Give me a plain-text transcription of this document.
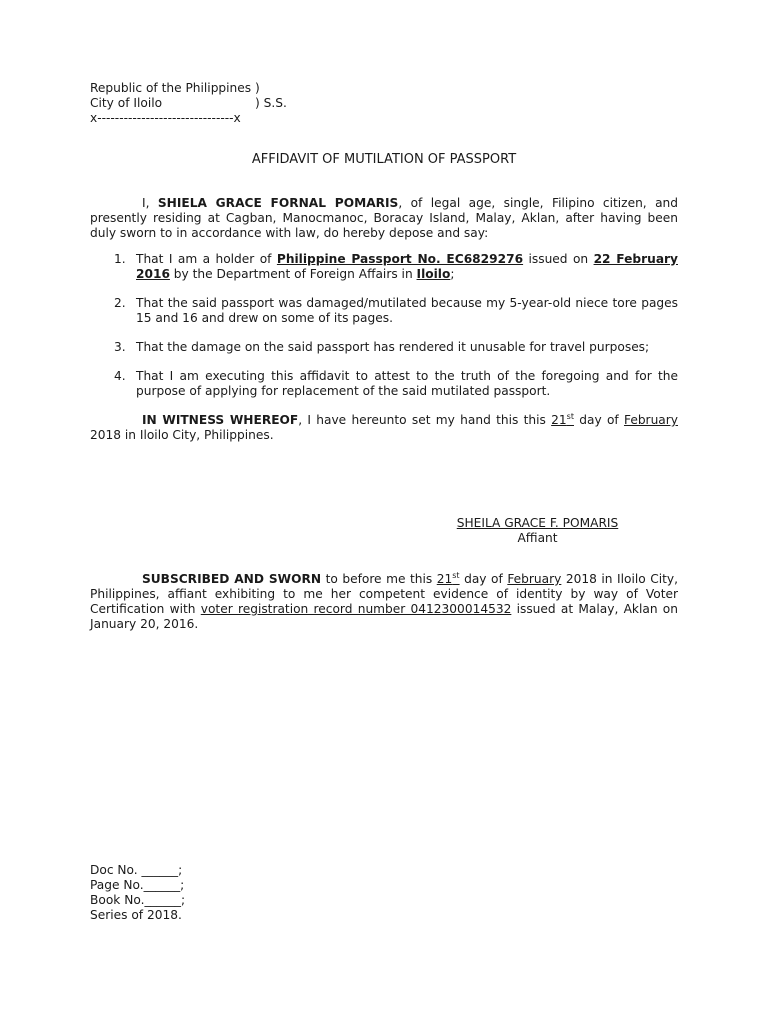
Republic of the Philippines )
City of Iloilo                        ) S.S.
x-------------------------------x
AFFIDAVIT OF MUTILATION OF PASSPORT
I, SHIELA GRACE FORNAL POMARIS, of legal age, single, Filipino citizen, and presently residing at Cagban, Manocmanoc, Boracay Island, Malay, Aklan, after having been duly sworn to in accordance with law, do hereby depose and say:
1. That I am a holder of Philippine Passport No. EC6829276 issued on 22 February 2016 by the Department of Foreign Affairs in Iloilo;
2. That the said passport was damaged/mutilated because my 5-year-old niece tore pages 15 and 16 and drew on some of its pages.
3. That the damage on the said passport has rendered it unusable for travel purposes;
4. That I am executing this affidavit to attest to the truth of the foregoing and for the purpose of applying for replacement of the said mutilated passport.
IN WITNESS WHEREOF, I have hereunto set my hand this this 21st day of February 2018 in Iloilo City, Philippines.
SHEILA GRACE F. POMARIS
Affiant
SUBSCRIBED AND SWORN to before me this 21st day of February 2018 in Iloilo City, Philippines, affiant exhibiting to me her competent evidence of identity by way of Voter Certification with voter registration record number 0412300014532 issued at Malay, Aklan on January 20, 2016.
Doc No. ______;
Page No.______;
Book No.______;
Series of 2018.
